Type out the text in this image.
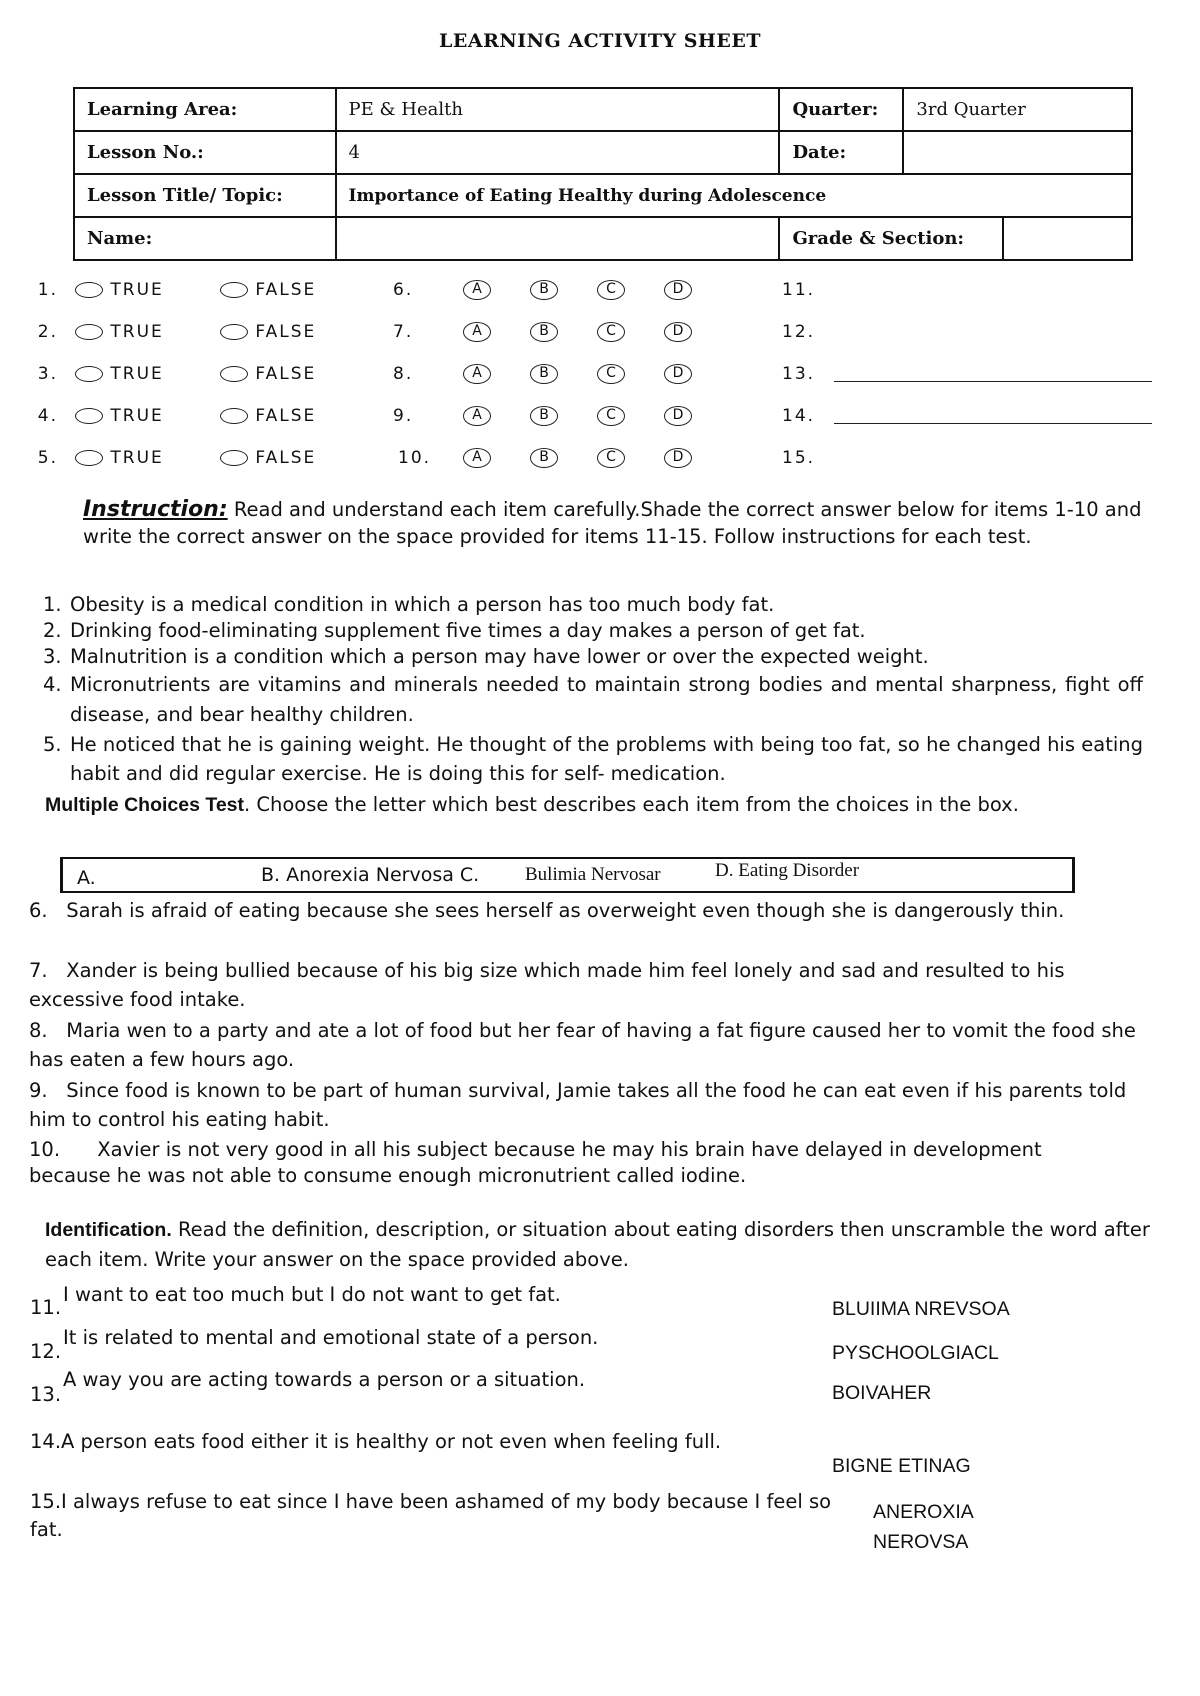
LEARNING ACTIVITY SHEET
Learning Area:	PE & Health	Quarter:	3rd Quarter	
Lesson No.:	4	Date:		
Lesson Title/ Topic:	Importance of Eating Healthy during Adolescence			
Name:		Grade & Section:		
1.	TRUE	FALSE	6.	A	B	C	D	11.
2.	TRUE	FALSE	7.	A	B	C	D	12.
3.	TRUE	FALSE	8.	A	B	C	D	13.
4.	TRUE	FALSE	9.	A	B	C	D	14.
5.	TRUE	FALSE	10.	A	B	C	D	15.
Instruction: Read and understand each item carefully.Shade the correct answer below for items 1-10 and write the correct answer on the space provided for items 11-15. Follow instructions for each test.
1. Obesity is a medical condition in which a person has too much body fat.
2. Drinking food-eliminating supplement five times a day makes a person of get fat.
3. Malnutrition is a condition which a person may have lower or over the expected weight.
4. Micronutrients are vitamins and minerals needed to maintain strong bodies and mental sharpness, fight off disease, and bear healthy children.
5. He noticed that he is gaining weight. He thought of the problems with being too fat, so he changed his eating habit and did regular exercise. He is doing this for self- medication.
Multiple Choices Test. Choose the letter which best describes each item from the choices in the box.
A.	B. Anorexia Nervosa C. Bulimia Nervosar	D. Eating Disorder
6. Sarah is afraid of eating because she sees herself as overweight even though she is dangerously thin.
7. Xander is being bullied because of his big size which made him feel lonely and sad and resulted to his excessive food intake.
8. Maria wen to a party and ate a lot of food but her fear of having a fat figure caused her to vomit the food she has eaten a few hours ago.
9. Since food is known to be part of human survival, Jamie takes all the food he can eat even if his parents told him to control his eating habit.
10. Xavier is not very good in all his subject because he may his brain have delayed in development because he was not able to consume enough micronutrient called iodine.
Identification. Read the definition, description, or situation about eating disorders then unscramble the word after each item. Write your answer on the space provided above.
11.
I want to eat too much but I do not want to get fat.
BLUIIMA NREVSOA
12.
It is related to mental and emotional state of a person.
PYSCHOOLGIACL
13.
A way you are acting towards a person or a situation.
BOIVAHER
14.A person eats food either it is healthy or not even when feeling full.
BIGNE ETINAG
15.I always refuse to eat since I have been ashamed of my body because I feel so fat.
ANEROXIA NEROVSA
